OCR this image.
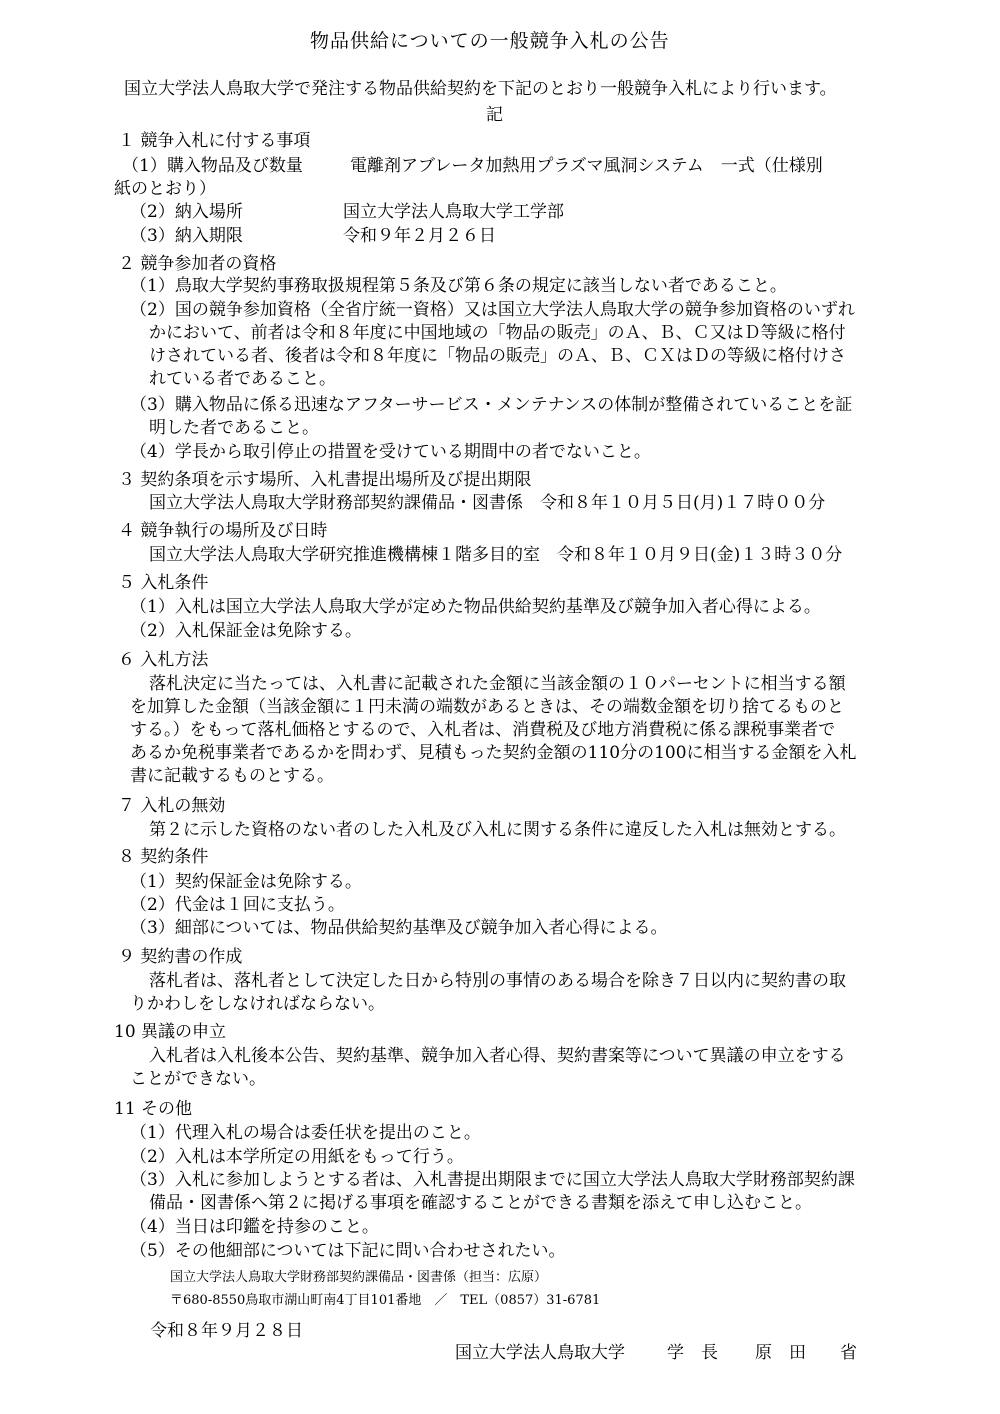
物品供給についての一般競争入札の公告
国立大学法人鳥取大学で発注する物品供給契約を下記のとおり一般競争入札により行います。
記
１ 競争入札に付する事項
（1）購入物品及び数量	電離剤アブレータ加熱用プラズマ風洞システム　一式（仕様別
紙のとおり）
（2）納入場所	国立大学法人鳥取大学工学部
（3）納入期限	令和９年２月２６日
２ 競争参加者の資格
（1）鳥取大学契約事務取扱規程第５条及び第６条の規定に該当しない者であること。
（2）国の競争参加資格（全省庁統一資格）又は国立大学法人鳥取大学の競争参加資格のいずれ
かにおいて、前者は令和８年度に中国地域の「物品の販売」のＡ、Ｂ、Ｃ又はＤ等級に格付
けされている者、後者は令和８年度に「物品の販売」のＡ、Ｂ、ＣＸはＤの等級に格付けさ
れている者であること。
（3）購入物品に係る迅速なアフターサービス・メンテナンスの体制が整備されていることを証
明した者であること。
（4）学長から取引停止の措置を受けている期間中の者でないこと。
３ 契約条項を示す場所、入札書提出場所及び提出期限
国立大学法人鳥取大学財務部契約課備品・図書係　令和８年１０月５日(月)１７時００分
４ 競争執行の場所及び日時
国立大学法人鳥取大学研究推進機構棟１階多目的室　令和８年１０月９日(金)１３時３０分
５ 入札条件
（1）入札は国立大学法人鳥取大学が定めた物品供給契約基準及び競争加入者心得による。
（2）入札保証金は免除する。
６ 入札方法
落札決定に当たっては、入札書に記載された金額に当該金額の１０パーセントに相当する額
を加算した金額（当該金額に１円未満の端数があるときは、その端数金額を切り捨てるものと
する。）をもって落札価格とするので、入札者は、消費税及び地方消費税に係る課税事業者で
あるか免税事業者であるかを問わず、見積もった契約金額の110分の100に相当する金額を入札
書に記載するものとする。
７ 入札の無効
第２に示した資格のない者のした入札及び入札に関する条件に違反した入札は無効とする。
８ 契約条件
（1）契約保証金は免除する。
（2）代金は１回に支払う。
（3）細部については、物品供給契約基準及び競争加入者心得による。
９ 契約書の作成
落札者は、落札者として決定した日から特別の事情のある場合を除き７日以内に契約書の取
りかわしをしなければならない。
10 異議の申立
入札者は入札後本公告、契約基準、競争加入者心得、契約書案等について異議の申立をする
ことができない。
11 その他
（1）代理入札の場合は委任状を提出のこと。
（2）入札は本学所定の用紙をもって行う。
（3）入札に参加しようとする者は、入札書提出期限までに国立大学法人鳥取大学財務部契約課
備品・図書係へ第２に掲げる事項を確認することができる書類を添えて申し込むこと。
（4）当日は印鑑を持参のこと。
（5）その他細部については下記に問い合わせされたい。
国立大学法人鳥取大学財務部契約課備品・図書係（担当：広原）
〒680-8550鳥取市湖山町南4丁目101番地　／　TEL（0857）31-6781
令和８年９月２８日
国立大学法人鳥取大学 学　長 原　田　　省
